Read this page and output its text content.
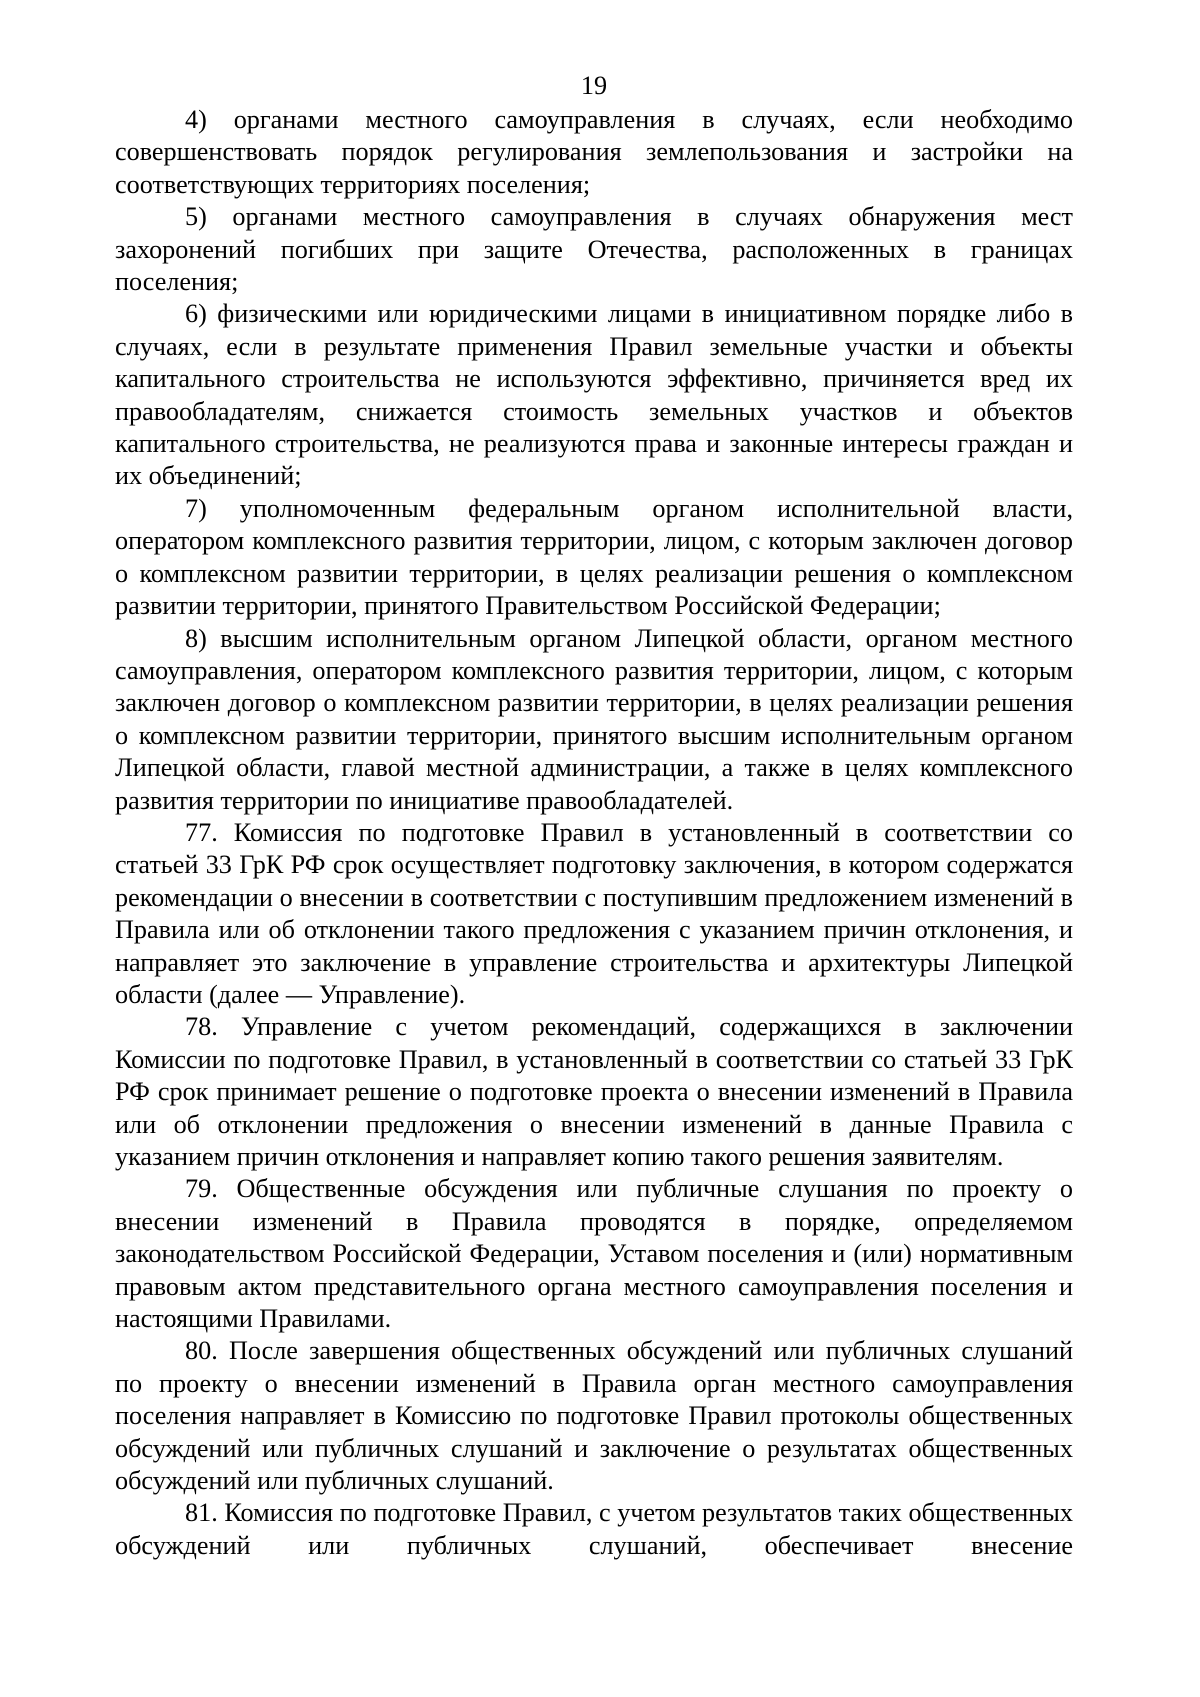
19

4) органами местного самоуправления в случаях, если необходимо совершенствовать порядок регулирования землепользования и застройки на соответствующих территориях поселения;

5) органами местного самоуправления в случаях обнаружения мест захоронений погибших при защите Отечества, расположенных в границах поселения;

6) физическими или юридическими лицами в инициативном порядке либо в случаях, если в результате применения Правил земельные участки и объекты капитального строительства не используются эффективно, причиняется вред их правообладателям, снижается стоимость земельных участков и объектов капитального строительства, не реализуются права и законные интересы граждан и их объединений;

7) уполномоченным федеральным органом исполнительной власти, оператором комплексного развития территории, лицом, с которым заключен договор о комплексном развитии территории, в целях реализации решения о комплексном развитии территории, принятого Правительством Российской Федерации;

8) высшим исполнительным органом Липецкой области, органом местного самоуправления, оператором комплексного развития территории, лицом, с которым заключен договор о комплексном развитии территории, в целях реализации решения о комплексном развитии территории, принятого высшим исполнительным органом Липецкой области, главой местной администрации, а также в целях комплексного развития территории по инициативе правообладателей.

77. Комиссия по подготовке Правил в установленный в соответствии со статьей 33 ГрК РФ срок осуществляет подготовку заключения, в котором содержатся рекомендации о внесении в соответствии с поступившим предложением изменений в Правила или об отклонении такого предложения с указанием причин отклонения, и направляет это заключение в управление строительства и архитектуры Липецкой области (далее — Управление).

78. Управление с учетом рекомендаций, содержащихся в заключении Комиссии по подготовке Правил, в установленный в соответствии со статьей 33 ГрК РФ срок принимает решение о подготовке проекта о внесении изменений в Правила или об отклонении предложения о внесении изменений в данные Правила с указанием причин отклонения и направляет копию такого решения заявителям.

79. Общественные обсуждения или публичные слушания по проекту о внесении изменений в Правила проводятся в порядке, определяемом законодательством Российской Федерации, Уставом поселения и (или) нормативным правовым актом представительного органа местного самоуправления поселения и настоящими Правилами.

80. После завершения общественных обсуждений или публичных слушаний по проекту о внесении изменений в Правила орган местного самоуправления поселения направляет в Комиссию по подготовке Правил протоколы общественных обсуждений или публичных слушаний и заключение о результатах общественных обсуждений или публичных слушаний.

81. Комиссия по подготовке Правил, с учетом результатов таких общественных обсуждений или публичных слушаний, обеспечивает внесение
